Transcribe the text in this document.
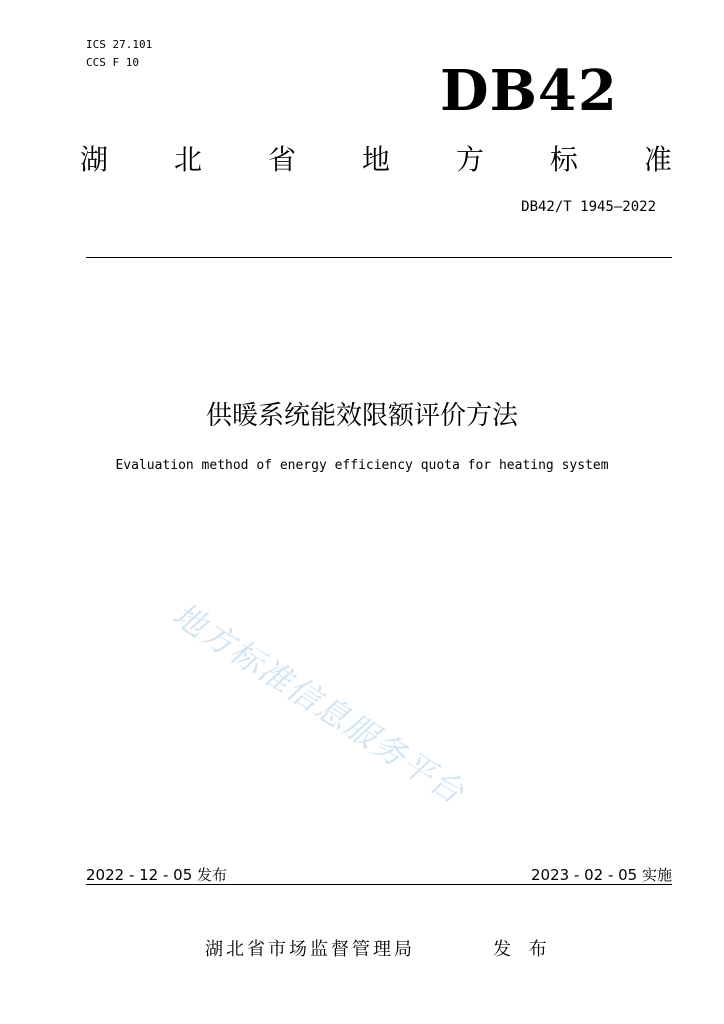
ICS 27.101
CCS F 10	DB42
湖 北 省 地 方 标 准
DB42/T 1945—2022
供暖系统能效限额评价方法
Evaluation method of energy efficiency quota for heating system
地方标准信息服务平台
2022 - 12 - 05 发布	2023 - 02 - 05 实施
湖北省市场监督管理局	发 布
